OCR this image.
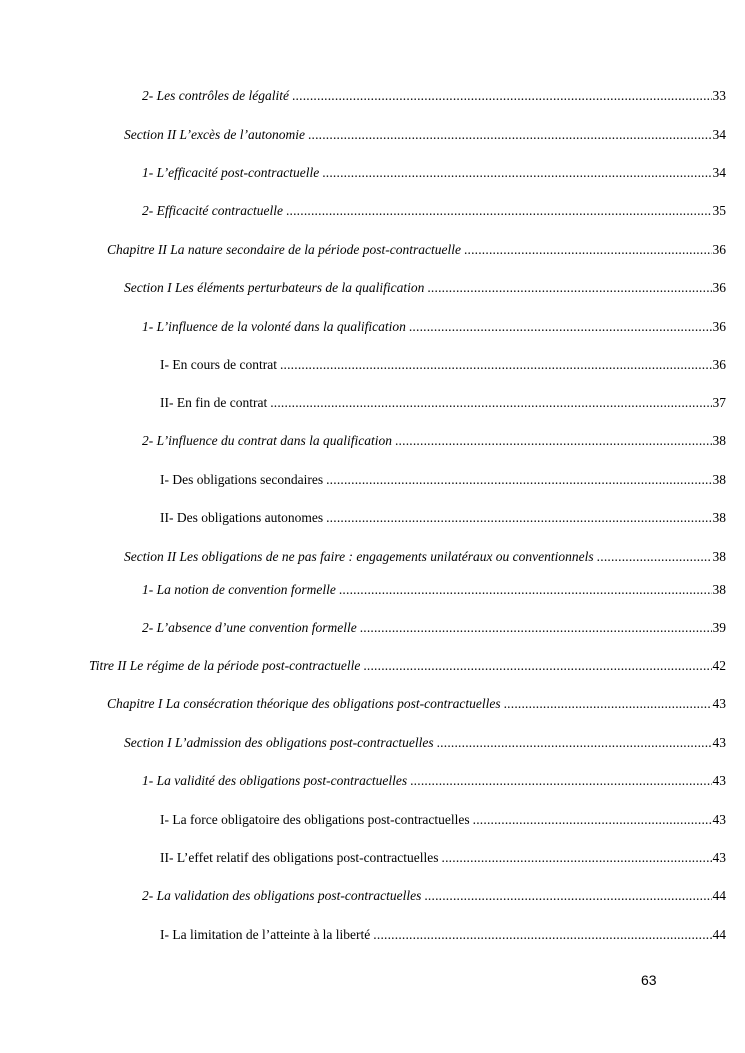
2- Les contrôles de légalité .....	33
Section II L’excès de l’autonomie .....	34
1- L’efficacité post-contractuelle .....	34
2- Efficacité contractuelle .....	35
Chapitre II La nature secondaire de la période post-contractuelle .....	36
Section I Les éléments perturbateurs de la qualification .....	36
1- L’influence de la volonté dans la qualification .....	36
I- En cours de contrat .....	36
II- En fin de contrat .....	37
2- L’influence du contrat dans la qualification .....	38
I- Des obligations secondaires .....	38
II- Des obligations autonomes .....	38
Section II Les obligations de ne pas faire : engagements unilatéraux ou conventionnels .....	38
1- La notion de convention formelle .....	38
2- L’absence d’une convention formelle .....	39
Titre II Le régime de la période post-contractuelle .....	42
Chapitre I La consécration théorique des obligations post-contractuelles .....	43
Section I L’admission des obligations post-contractuelles .....	43
1- La validité des obligations post-contractuelles .....	43
I- La force obligatoire des obligations post-contractuelles .....	43
II- L’effet relatif des obligations post-contractuelles .....	43
2- La validation des obligations post-contractuelles .....	44
I- La limitation de l’atteinte à la liberté .....	44
63
